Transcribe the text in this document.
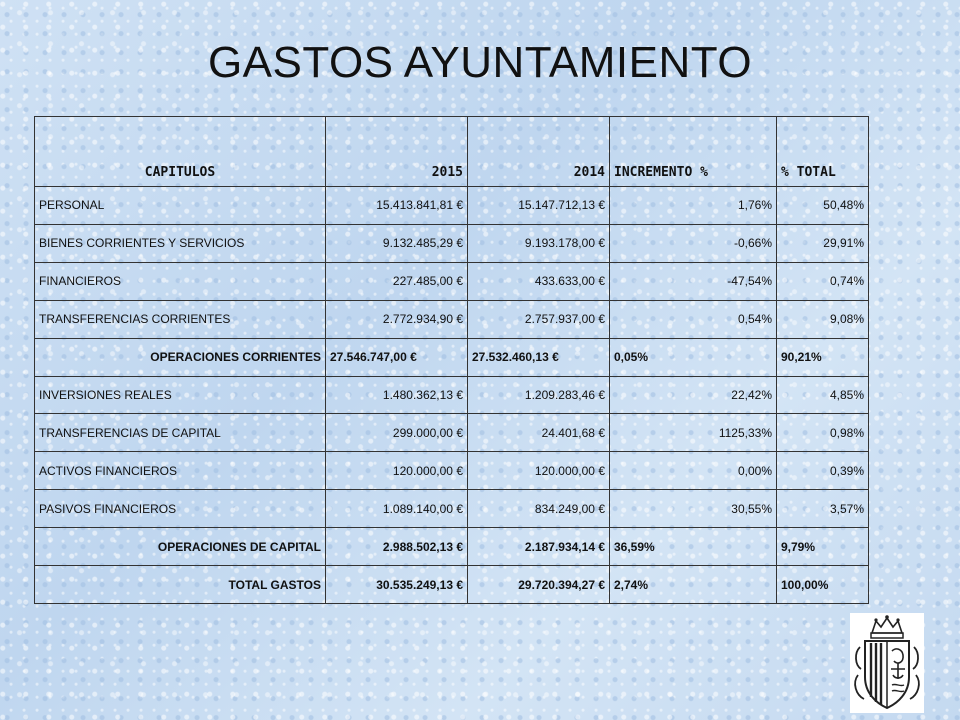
GASTOS AYUNTAMIENTO
CAPITULOS	2015	2014	INCREMENTO %	% TOTAL
PERSONAL	15.413.841,81 €	15.147.712,13 €	1,76%	50,48%
BIENES CORRIENTES Y SERVICIOS	9.132.485,29 €	9.193.178,00 €	-0,66%	29,91%
FINANCIEROS	227.485,00 €	433.633,00 €	-47,54%	0,74%
TRANSFERENCIAS CORRIENTES	2.772.934,90 €	2.757.937,00 €	0,54%	9,08%
OPERACIONES CORRIENTES	27.546.747,00 €	27.532.460,13 €	0,05%	90,21%
INVERSIONES REALES	1.480.362,13 €	1.209.283,46 €	22,42%	4,85%
TRANSFERENCIAS DE CAPITAL	299.000,00 €	24.401,68 €	1125,33%	0,98%
ACTIVOS FINANCIEROS	120.000,00 €	120.000,00 €	0,00%	0,39%
PASIVOS FINANCIEROS	1.089.140,00 €	834.249,00 €	30,55%	3,57%
OPERACIONES DE CAPITAL	2.988.502,13 €	2.187.934,14 €	36,59%	9,79%
TOTAL GASTOS	30.535.249,13 €	29.720.394,27 €	2,74%	100,00%
